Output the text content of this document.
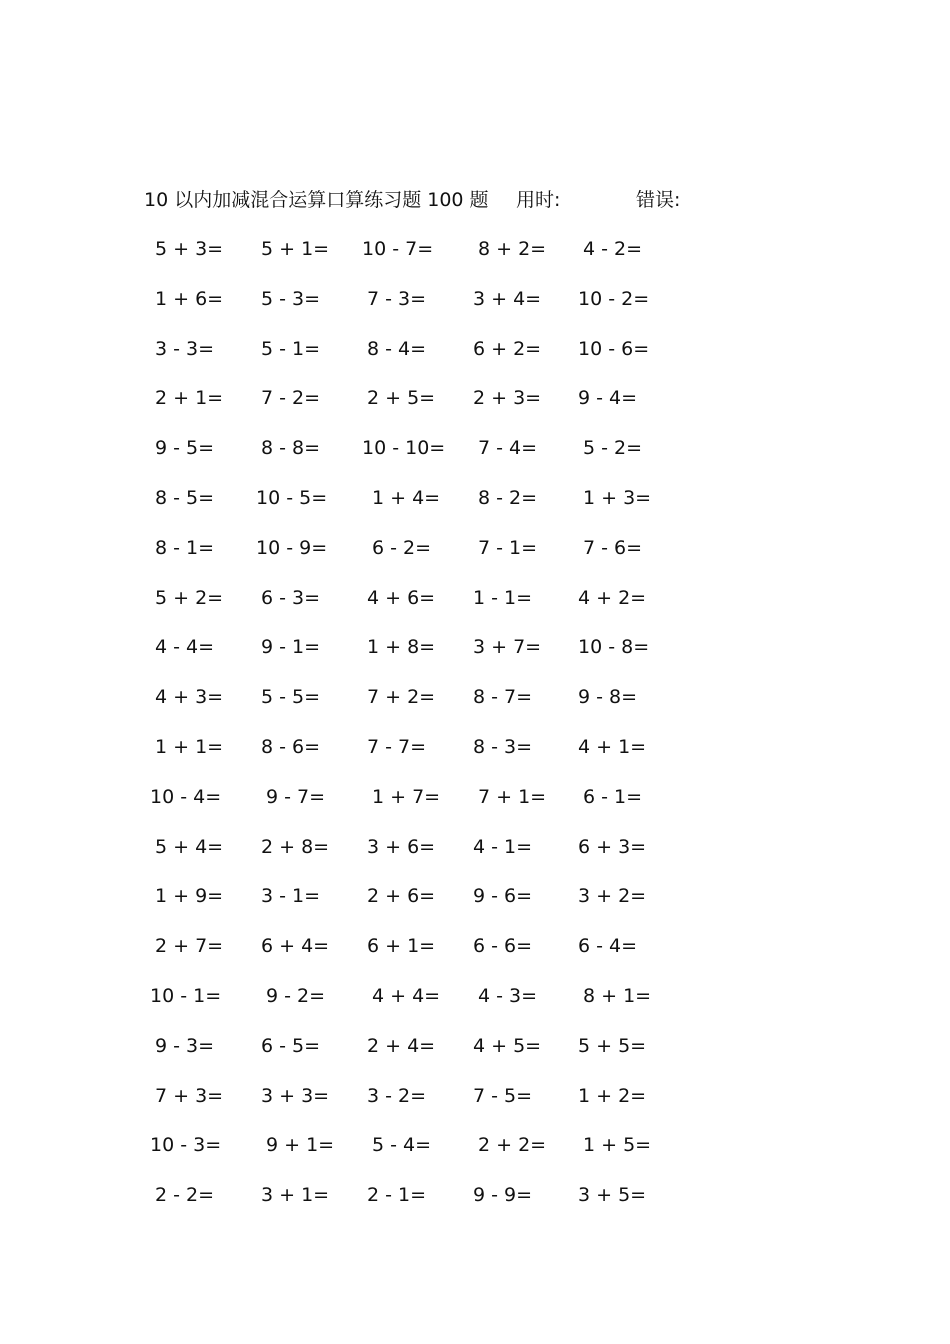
10 以内加减混合运算口算练习题 100 题 用时:	错误:
5 + 3= 5 + 1= 10 - 7= 8 + 2= 4 - 2=
1 + 6= 5 - 3= 7 - 3= 3 + 4= 10 - 2=
3 - 3= 5 - 1= 8 - 4= 6 + 2= 10 - 6=
2 + 1= 7 - 2= 2 + 5= 2 + 3= 9 - 4=
9 - 5= 8 - 8= 10 - 10= 7 - 4= 5 - 2=
8 - 5= 10 - 5= 1 + 4= 8 - 2= 1 + 3=
8 - 1= 10 - 9= 6 - 2= 7 - 1= 7 - 6=
5 + 2= 6 - 3= 4 + 6= 1 - 1= 4 + 2=
4 - 4= 9 - 1= 1 + 8= 3 + 7= 10 - 8=
4 + 3= 5 - 5= 7 + 2= 8 - 7= 9 - 8=
1 + 1= 8 - 6= 7 - 7= 8 - 3= 4 + 1=
10 - 4= 9 - 7= 1 + 7= 7 + 1= 6 - 1=
5 + 4= 2 + 8= 3 + 6= 4 - 1= 6 + 3=
1 + 9= 3 - 1= 2 + 6= 9 - 6= 3 + 2=
2 + 7= 6 + 4= 6 + 1= 6 - 6= 6 - 4=
10 - 1= 9 - 2= 4 + 4= 4 - 3= 8 + 1=
9 - 3= 6 - 5= 2 + 4= 4 + 5= 5 + 5=
7 + 3= 3 + 3= 3 - 2= 7 - 5= 1 + 2=
10 - 3= 9 + 1= 5 - 4= 2 + 2= 1 + 5=
2 - 2= 3 + 1= 2 - 1= 9 - 9= 3 + 5=
